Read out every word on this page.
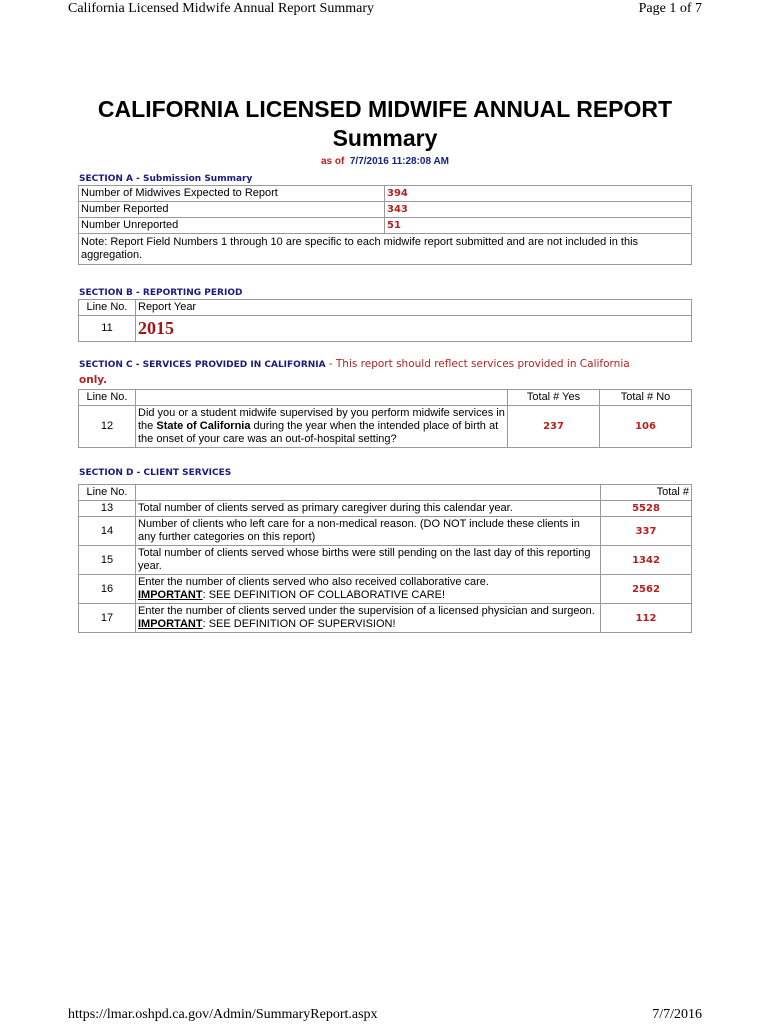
California Licensed Midwife Annual Report Summary	Page 1 of 7
CALIFORNIA LICENSED MIDWIFE ANNUAL REPORT
Summary
as of 7/7/2016 11:28:08 AM
SECTION A - Submission Summary
Number of Midwives Expected to Report	394
Number Reported	343
Number Unreported	51
Note: Report Field Numbers 1 through 10 are specific to each midwife report submitted and are not included in this aggregation.	
SECTION B - REPORTING PERIOD
Line No.	Report Year
11	2015
SECTION C - SERVICES PROVIDED IN CALIFORNIA - This report should reflect services provided in California
only.
Line No.		Total # Yes	Total # No
12	Did you or a student midwife supervised by you perform midwife services in the State of California during the year when the intended place of birth at the onset of your care was an out-of-hospital setting?	237	106
SECTION D - CLIENT SERVICES
Line No.		Total #
13	Total number of clients served as primary caregiver during this calendar year.	5528
14	Number of clients who left care for a non-medical reason. (DO NOT include these clients in any further categories on this report)	337
15	Total number of clients served whose births were still pending on the last day of this reporting year.	1342
16	Enter the number of clients served who also received collaborative care.
IMPORTANT: SEE DEFINITION OF COLLABORATIVE CARE!	2562
17	Enter the number of clients served under the supervision of a licensed physician and surgeon.
IMPORTANT: SEE DEFINITION OF SUPERVISION!	112
https://lmar.oshpd.ca.gov/Admin/SummaryReport.aspx	7/7/2016
